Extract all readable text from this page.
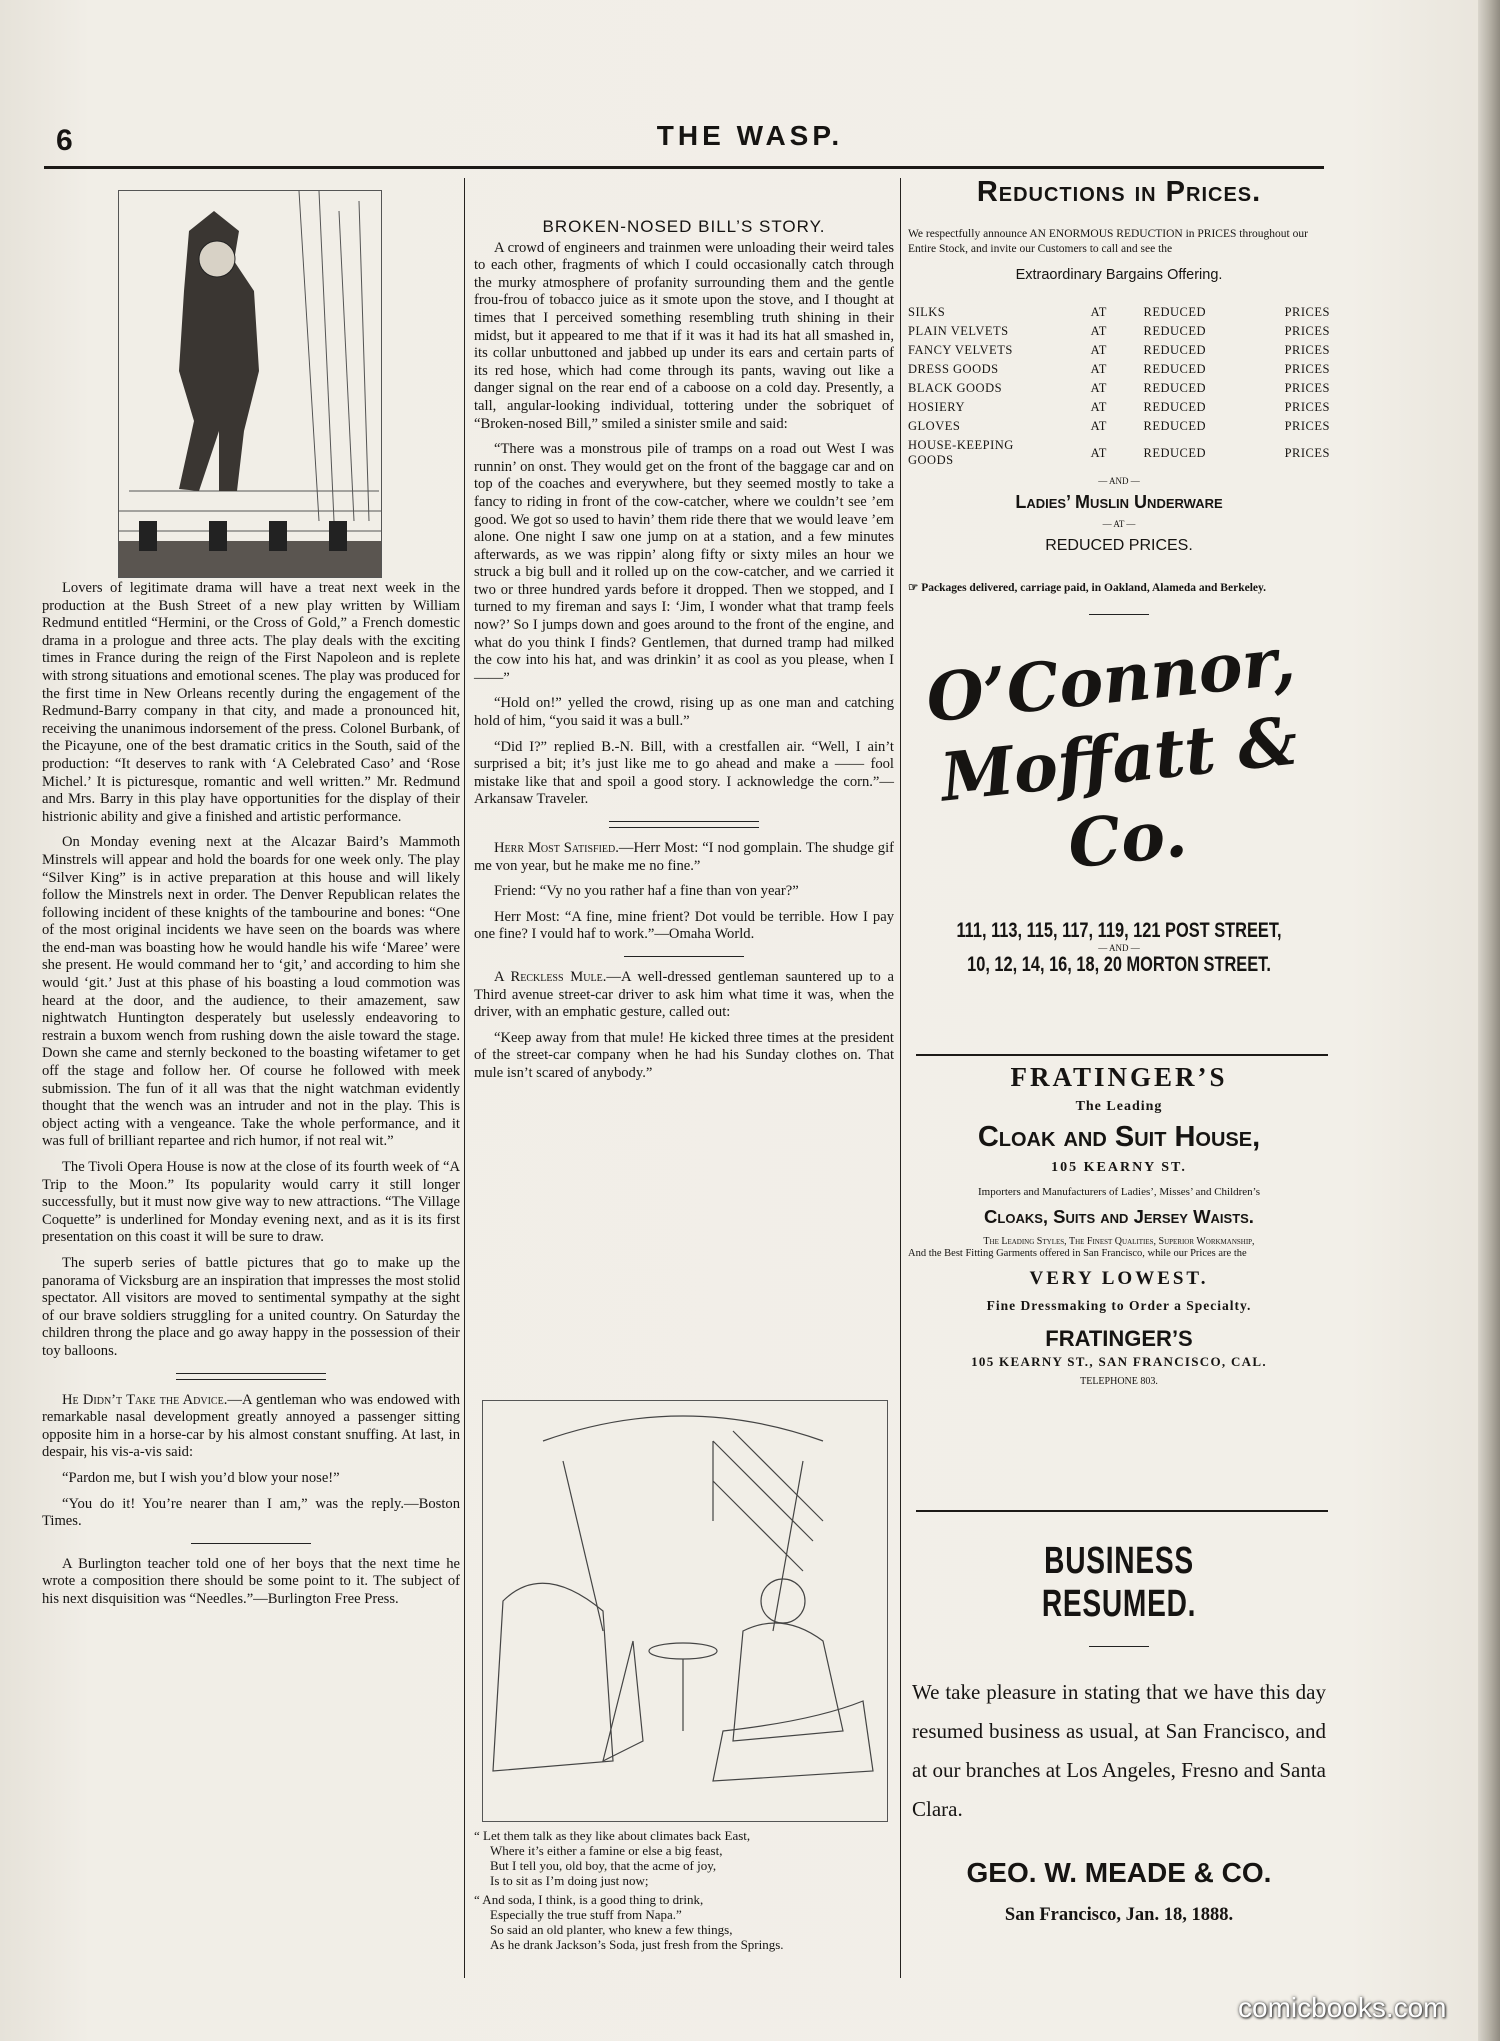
6	THE WASP.

Lovers of legitimate drama will have a treat next week in the production at the Bush Street of a new play written by William Redmund entitled “Hermini, or the Cross of Gold,” a French domestic drama in a prologue and three acts. The play deals with the exciting times in France during the reign of the First Napoleon and is replete with strong situations and emotional scenes. The play was produced for the first time in New Orleans recently during the engagement of the Redmund-Barry company in that city, and made a pronounced hit, receiving the unanimous indorsement of the press. Colonel Burbank, of the Picayune, one of the best dramatic critics in the South, said of the production: “It deserves to rank with ‘A Celebrated Caso’ and ‘Rose Michel.’ It is picturesque, romantic and well written.” Mr. Redmund and Mrs. Barry in this play have opportunities for the display of their histrionic ability and give a finished and artistic performance.

On Monday evening next at the Alcazar Baird’s Mammoth Minstrels will appear and hold the boards for one week only. The play “Silver King” is in active preparation at this house and will likely follow the Minstrels next in order. The Denver Republican relates the following incident of these knights of the tambourine and bones: “One of the most original incidents we have seen on the boards was where the end-man was boasting how he would handle his wife ‘Maree’ were she present. He would command her to ‘git,’ and according to him she would ‘git.’ Just at this phase of his boasting a loud commotion was heard at the door, and the audience, to their amazement, saw nightwatch Huntington desperately but uselessly endeavoring to restrain a buxom wench from rushing down the aisle toward the stage. Down she came and sternly beckoned to the boasting wifetamer to get off the stage and follow her. Of course he followed with meek submission. The fun of it all was that the night watchman evidently thought that the wench was an intruder and not in the play. This is object acting with a vengeance. Take the whole performance, and it was full of brilliant repartee and rich humor, if not real wit.”

The Tivoli Opera House is now at the close of its fourth week of “A Trip to the Moon.” Its popularity would carry it still longer successfully, but it must now give way to new attractions. “The Village Coquette” is underlined for Monday evening next, and as it is its first presentation on this coast it will be sure to draw.

The superb series of battle pictures that go to make up the panorama of Vicksburg are an inspiration that impresses the most stolid spectator. All visitors are moved to sentimental sympathy at the sight of our brave soldiers struggling for a united country. On Saturday the children throng the place and go away happy in the possession of their toy balloons.

He Didn’t Take the Advice.—A gentleman who was endowed with remarkable nasal development greatly annoyed a passenger sitting opposite him in a horse-car by his almost constant snuffing. At last, in despair, his vis-a-vis said:

“Pardon me, but I wish you’d blow your nose!”

“You do it! You’re nearer than I am,” was the reply.—Boston Times.

A Burlington teacher told one of her boys that the next time he wrote a composition there should be some point to it. The subject of his next disquisition was “Needles.”—Burlington Free Press.

BROKEN-NOSED BILL’S STORY.

A crowd of engineers and trainmen were unloading their weird tales to each other, fragments of which I could occasionally catch through the murky atmosphere of profanity surrounding them and the gentle frou-frou of tobacco juice as it smote upon the stove, and I thought at times that I perceived something resembling truth shining in their midst, but it appeared to me that if it was it had its hat all smashed in, its collar unbuttoned and jabbed up under its ears and certain parts of its red hose, which had come through its pants, waving out like a danger signal on the rear end of a caboose on a cold day. Presently, a tall, angular-looking individual, tottering under the sobriquet of “Broken-nosed Bill,” smiled a sinister smile and said:

“There was a monstrous pile of tramps on a road out West I was runnin’ on onst. They would get on the front of the baggage car and on top of the coaches and everywhere, but they seemed mostly to take a fancy to riding in front of the cow-catcher, where we couldn’t see ’em good. We got so used to havin’ them ride there that we would leave ’em alone. One night I saw one jump on at a station, and a few minutes afterwards, as we was rippin’ along fifty or sixty miles an hour we struck a big bull and it rolled up on the cow-catcher, and we carried it two or three hundred yards before it dropped. Then we stopped, and I turned to my fireman and says I: ‘Jim, I wonder what that tramp feels now?’ So I jumps down and goes around to the front of the engine, and what do you think I finds? Gentlemen, that durned tramp had milked the cow into his hat, and was drinkin’ it as cool as you please, when I——”

“Hold on!” yelled the crowd, rising up as one man and catching hold of him, “you said it was a bull.”

“Did I?” replied B.-N. Bill, with a crestfallen air. “Well, I ain’t surprised a bit; it’s just like me to go ahead and make a —— fool mistake like that and spoil a good story. I acknowledge the corn.”—Arkansaw Traveler.

Herr Most Satisfied.—Herr Most: “I nod gomplain. The shudge gif me von year, but he make me no fine.”

Friend: “Vy no you rather haf a fine than von year?”

Herr Most: “A fine, mine frient? Dot vould be terrible. How I pay one fine? I vould haf to work.”—Omaha World.

A Reckless Mule.—A well-dressed gentleman sauntered up to a Third avenue street-car driver to ask him what time it was, when the driver, with an emphatic gesture, called out:

“Keep away from that mule! He kicked three times at the president of the street-car company when he had his Sunday clothes on. That mule isn’t scared of anybody.”

“ Let them talk as they like about climates back East,
Where it’s either a famine or else a big feast,
But I tell you, old boy, that the acme of joy,
Is to sit as I’m doing just now;
“ And soda, I think, is a good thing to drink,
Especially the true stuff from Napa.”
So said an old planter, who knew a few things,
As he drank Jackson’s Soda, just fresh from the Springs.
Reductions in Prices.
We respectfully announce AN ENORMOUS REDUCTION in PRICES throughout our Entire Stock, and invite our Customers to call and see the
Extraordinary Bargains Offering.
SILKS	AT	REDUCED	PRICES
PLAIN VELVETS	AT	REDUCED	PRICES
FANCY VELVETS	AT	REDUCED	PRICES
DRESS GOODS	AT	REDUCED	PRICES
BLACK GOODS	AT	REDUCED	PRICES
HOSIERY	AT	REDUCED	PRICES
GLOVES	AT	REDUCED	PRICES
HOUSE-KEEPING GOODS	AT	REDUCED	PRICES
— AND —
Ladies’ Muslin Underware
— AT —
REDUCED PRICES.
☞ Packages delivered, carriage paid, in Oakland, Alameda and Berkeley.
O’Connor, Moffatt & Co.
111, 113, 115, 117, 119, 121 POST STREET,
— AND —
10, 12, 14, 16, 18, 20 MORTON STREET.
FRATINGER’S
The Leading
Cloak and Suit House,
105 KEARNY ST.
Importers and Manufacturers of Ladies’, Misses’ and Children’s
Cloaks, Suits and Jersey Waists.
The Leading Styles, The Finest Qualities, Superior Workmanship,
And the Best Fitting Garments offered in San Francisco, while our Prices are the
VERY LOWEST.
Fine Dressmaking to Order a Specialty.
FRATINGER’S
105 KEARNY ST., SAN FRANCISCO, CAL.
TELEPHONE 803.
BUSINESS RESUMED.
We take pleasure in stating that we have this day resumed business as usual, at San Francisco, and at our branches at Los Angeles, Fresno and Santa Clara.
GEO. W. MEADE & CO.
San Francisco, Jan. 18, 1888.
comicbooks.com
